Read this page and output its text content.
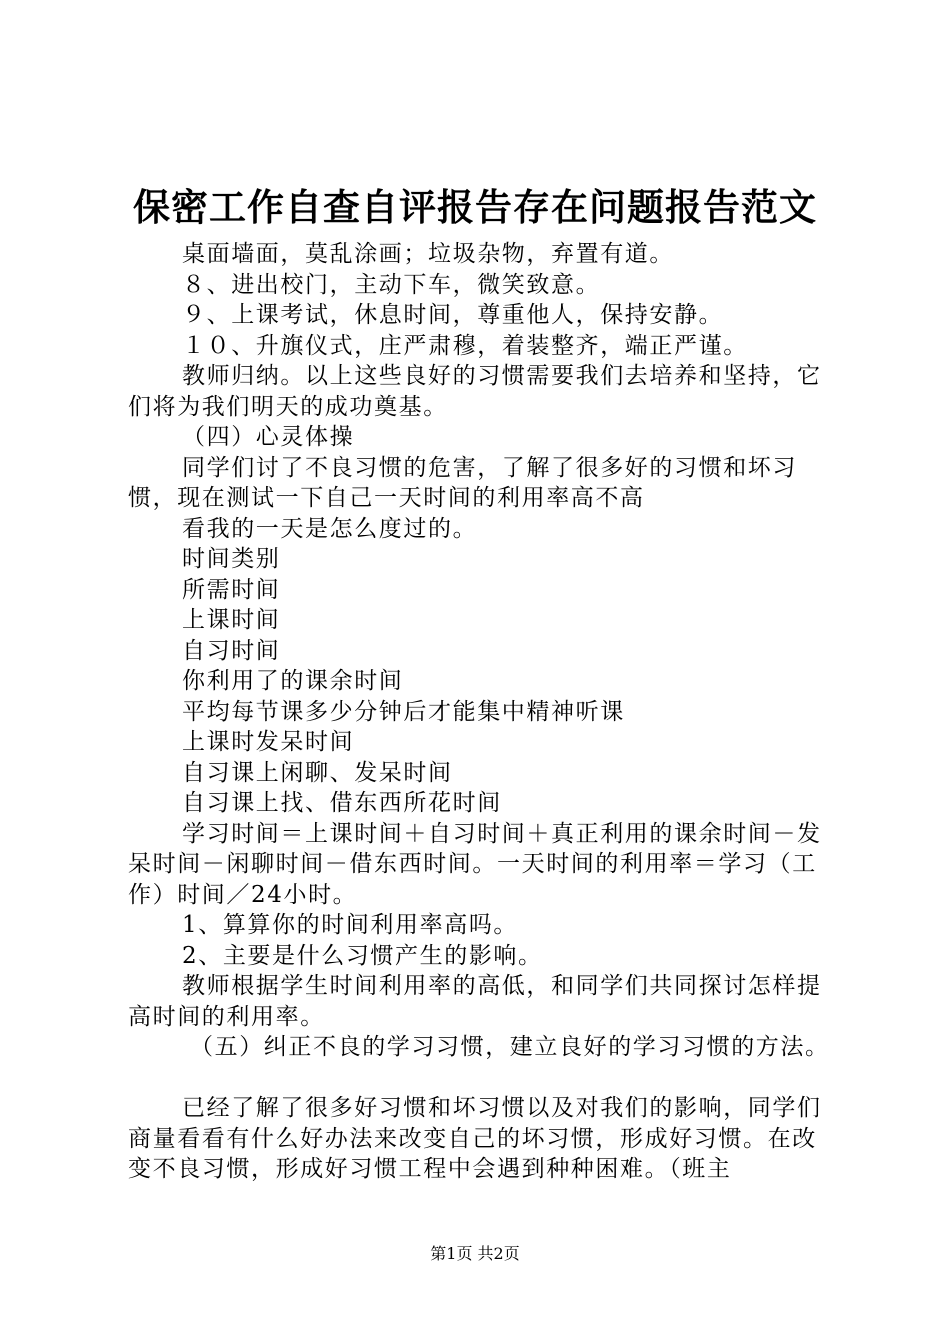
保密工作自查自评报告存在问题报告范文

桌面墙面，莫乱涂画；垃圾杂物，弃置有道。

８、进出校门，主动下车，微笑致意。

９、上课考试，休息时间，尊重他人，保持安静。

１０、升旗仪式，庄严肃穆，着装整齐，端正严谨。

教师归纳。以上这些良好的习惯需要我们去培养和坚持，它们将为我们明天的成功奠基。

（四）心灵体操

同学们讨了不良习惯的危害，了解了很多好的习惯和坏习惯，现在测试一下自己一天时间的利用率高不高

看我的一天是怎么度过的。

时间类别

所需时间

上课时间

自习时间

你利用了的课余时间

平均每节课多少分钟后才能集中精神听课

上课时发呆时间

自习课上闲聊、发呆时间

自习课上找、借东西所花时间

学习时间＝上课时间＋自习时间＋真正利用的课余时间－发呆时间－闲聊时间－借东西时间。一天时间的利用率＝学习（工作）时间／24小时。

1、算算你的时间利用率高吗。

2、主要是什么习惯产生的影响。

教师根据学生时间利用率的高低，和同学们共同探讨怎样提高时间的利用率。

（五）纠正不良的学习习惯，建立良好的学习习惯的方法。

已经了解了很多好习惯和坏习惯以及对我们的影响，同学们商量看看有什么好办法来改变自己的坏习惯，形成好习惯。在改变不良习惯，形成好习惯工程中会遇到种种困难。（班主

第1页 共2页
